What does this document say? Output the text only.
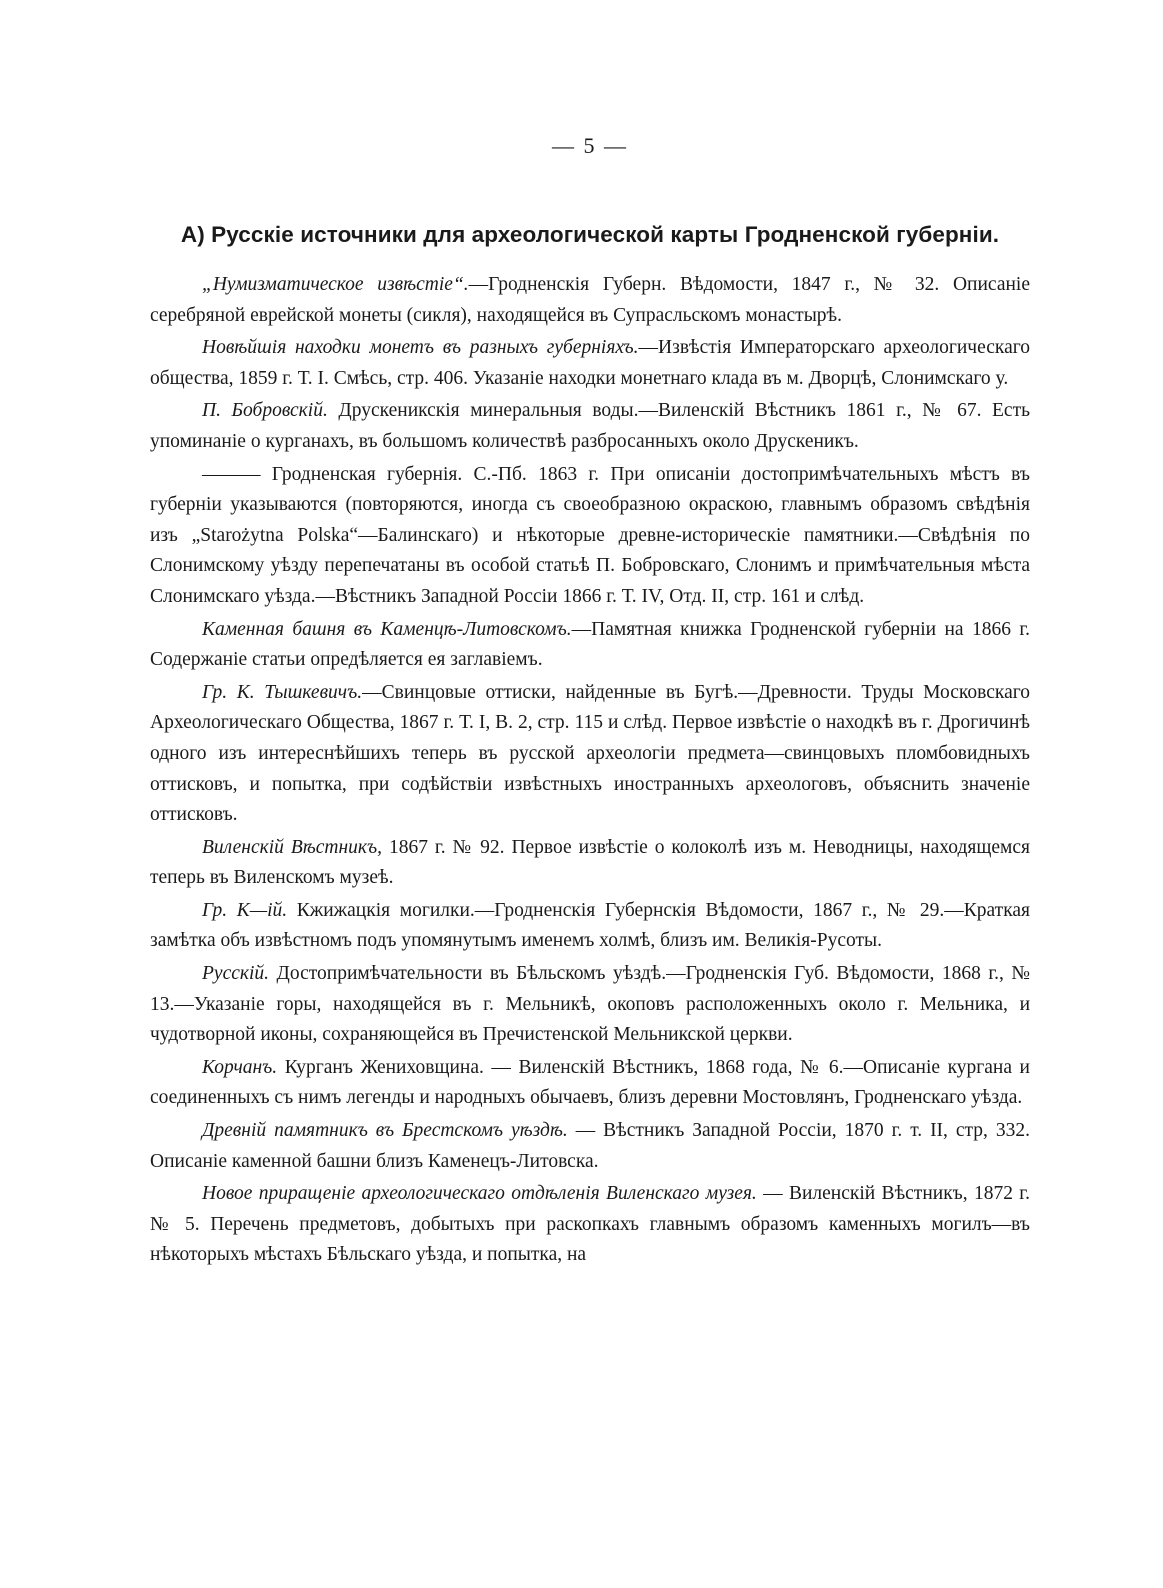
— 5 —
А) Русскіе источники для археологической карты Гродненской губерніи.

„Нумизматическое извѣстіе“.—Гродненскія Губерн. Вѣдомости, 1847 г., № 32. Описаніе серебряной еврейской монеты (сикля), находящейся въ Супрасльскомъ монастырѣ.

Новѣйшія находки монетъ въ разныхъ губерніяхъ.—Извѣстія Императорскаго археологическаго общества, 1859 г. Т. I. Смѣсь, стр. 406. Указаніе находки монетнаго клада въ м. Дворцѣ, Слонимскаго у.

П. Бобровскій. Друскеникскія минеральныя воды.—Виленскій Вѣстникъ 1861 г., № 67. Есть упоминаніе о курганахъ, въ большомъ количествѣ разбросанныхъ около Друскеникъ.

——— Гродненская губернія. С.-Пб. 1863 г. При описаніи достопримѣчательныхъ мѣстъ въ губерніи указываются (повторяются, иногда съ своеобразною окраскою, главнымъ образомъ свѣдѣнія изъ „Starożytna Polska“—Балинскаго) и нѣкоторые древне-историческіе памятники.—Свѣдѣнія по Слонимскому уѣзду перепечатаны въ особой статьѣ П. Бобровскаго, Слонимъ и примѣчательныя мѣста Слонимскаго уѣзда.—Вѣстникъ Западной Россіи 1866 г. Т. IV, Отд. II, стр. 161 и слѣд.

Каменная башня въ Каменцѣ-Литовскомъ.—Памятная книжка Гродненской губерніи на 1866 г. Содержаніе статьи опредѣляется ея заглавіемъ.

Гр. К. Тышкевичъ.—Свинцовые оттиски, найденные въ Бугѣ.—Древности. Труды Московскаго Археологическаго Общества, 1867 г. Т. I, В. 2, стр. 115 и слѣд. Первое извѣстіе о находкѣ въ г. Дрогичинѣ одного изъ интереснѣйшихъ теперь въ русской археологіи предмета—свинцовыхъ пломбовидныхъ оттисковъ, и попытка, при содѣйствіи извѣстныхъ иностранныхъ археологовъ, объяснить значеніе оттисковъ.

Виленскій Вѣстникъ, 1867 г. № 92. Первое извѣстіе о колоколѣ изъ м. Неводницы, находящемся теперь въ Виленскомъ музеѣ.

Гр. К—ій. Кжижацкія могилки.—Гродненскія Губернскія Вѣдомости, 1867 г., № 29.—Краткая замѣтка объ извѣстномъ подъ упомянутымъ именемъ холмѣ, близъ им. Великія-Русоты.

Русскій. Достопримѣчательности въ Бѣльскомъ уѣздѣ.—Гродненскія Губ. Вѣдомости, 1868 г., № 13.—Указаніе горы, находящейся въ г. Мельникѣ, окоповъ расположенныхъ около г. Мельника, и чудотворной иконы, сохраняющейся въ Пречистенской Мельникской церкви.

Корчанъ. Курганъ Жениховщина. — Виленскій Вѣстникъ, 1868 года, № 6.—Описаніе кургана и соединенныхъ съ нимъ легенды и народныхъ обычаевъ, близъ деревни Мостовлянъ, Гродненскаго уѣзда.

Древній памятникъ въ Брестскомъ уѣздѣ. — Вѣстникъ Западной Россіи, 1870 г. т. II, стр, 332. Описаніе каменной башни близъ Каменецъ-Литовска.

Новое приращеніе археологическаго отдѣленія Виленскаго музея. — Виленскій Вѣстникъ, 1872 г. № 5. Перечень предметовъ, добытыхъ при раскопкахъ главнымъ образомъ каменныхъ могилъ—въ нѣкоторыхъ мѣстахъ Бѣльскаго уѣзда, и попытка, на
